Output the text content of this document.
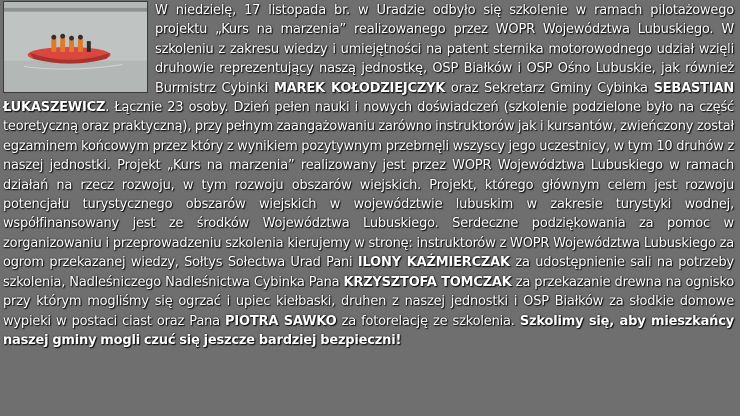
W niedzielę, 17 listopada br. w Uradzie odbyło się szkolenie w ramach pilotażowego projektu „Kurs na marzenia” realizowanego przez WOPR Województwa Lubuskiego. W szkoleniu z zakresu wiedzy i umiejętności na patent sternika motorowodnego udział wzięli druhowie reprezentujący naszą jednostkę, OSP Białków i OSP Ośno Lubuskie, jak również Burmistrz Cybinki MAREK KOŁODZIEJCZYK oraz Sekretarz Gminy Cybinka SEBASTIAN ŁUKASZEWICZ. Łącznie 23 osoby. Dzień pełen nauki i nowych doświadczeń (szkolenie podzielone było na część teoretyczną oraz praktyczną), przy pełnym zaangażowaniu zarówno instruktorów jak i kursantów, zwieńczony został egzaminem końcowym przez który z wynikiem pozytywnym przebrnęli wszyscy jego uczestnicy, w tym 10 druhów z naszej jednostki. Projekt „Kurs na marzenia” realizowany jest przez WOPR Województwa Lubuskiego w ramach działań na rzecz rozwoju, w tym rozwoju obszarów wiejskich. Projekt, którego głównym celem jest rozwoju potencjału turystycznego obszarów wiejskich w województwie lubuskim w zakresie turystyki wodnej, współfinansowany jest ze środków Województwa Lubuskiego. Serdeczne podziękowania za pomoc w zorganizowaniu i przeprowadzeniu szkolenia kierujemy w stronę: instruktorów z WOPR Województwa Lubuskiego za ogrom przekazanej wiedzy, Sołtys Sołectwa Urad Pani ILONY KAŹMIERCZAK za udostępnienie sali na potrzeby szkolenia, Nadleśniczego Nadleśnictwa Cybinka Pana KRZYSZTOFA TOMCZAK za przekazanie drewna na ognisko przy którym mogliśmy się ogrzać i upiec kiełbaski, druhen z naszej jednostki i OSP Białków za słodkie domowe wypieki w postaci ciast oraz Pana PIOTRA SAWKO za fotorelację ze szkolenia. Szkolimy się, aby mieszkańcy naszej gminy mogli czuć się jeszcze bardziej bezpieczni!
